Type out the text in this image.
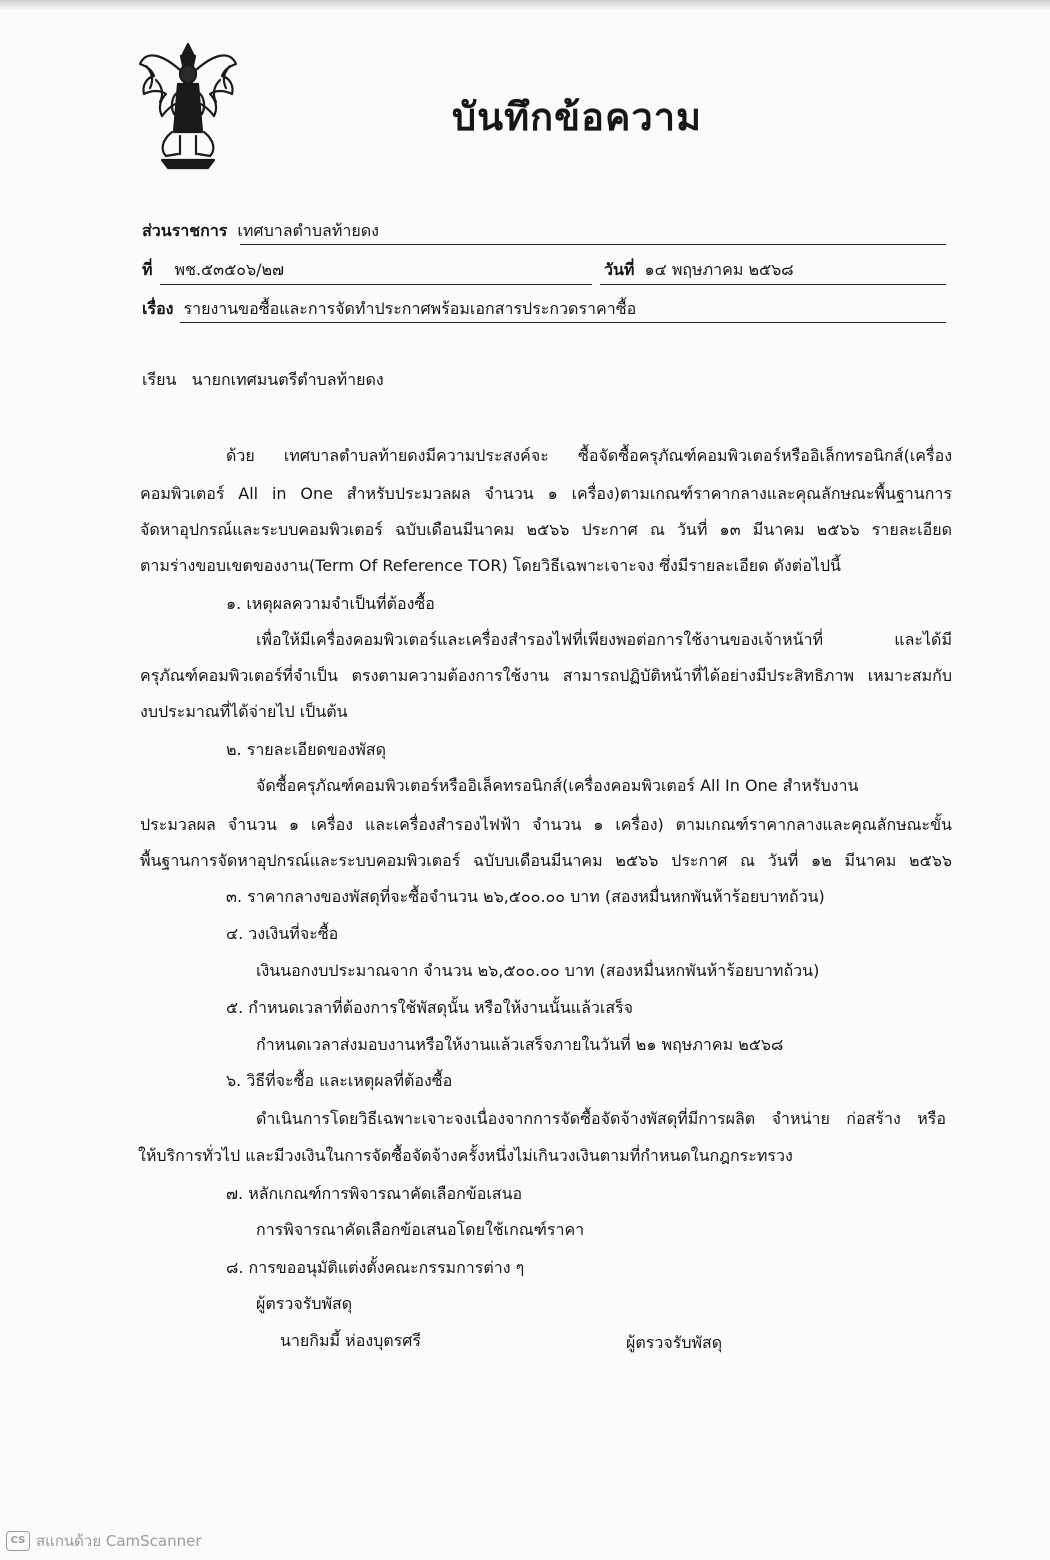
บันทึกข้อความ
ส่วนราชการ เทศบาลตำบลท้ายดง
ที่ พช.๕๓๕๐๖/๒๗	วันที่ ๑๔ พฤษภาคม ๒๕๖๘
เรื่อง รายงานขอซื้อและการจัดทำประกาศพร้อมเอกสารประกวดราคาซื้อ
เรียน นายกเทศมนตรีตำบลท้ายดง
ด้วย เทศบาลตำบลท้ายดงมีความประสงค์จะ ซื้อจัดซื้อครุภัณฑ์คอมพิวเตอร์หรืออิเล็กทรอนิกส์(เครื่อง
คอมพิวเตอร์ All in One สำหรับประมวลผล จำนวน ๑ เครื่อง)ตามเกณฑ์ราคากลางและคุณลักษณะพื้นฐานการ
จัดหาอุปกรณ์และระบบคอมพิวเตอร์ ฉบับเดือนมีนาคม ๒๕๖๖ ประกาศ ณ วันที่ ๑๓ มีนาคม ๒๕๖๖ รายละเอียด
ตามร่างขอบเขตของงาน(Term Of Reference TOR) โดยวิธีเฉพาะเจาะจง ซึ่งมีรายละเอียด ดังต่อไปนี้
๑. เหตุผลความจำเป็นที่ต้องซื้อ
เพื่อให้มีเครื่องคอมพิวเตอร์และเครื่องสำรองไฟที่เพียงพอต่อการใช้งานของเจ้าหน้าที่ และได้มี
ครุภัณฑ์คอมพิวเตอร์ที่จำเป็น ตรงตามความต้องการใช้งาน สามารถปฏิบัติหน้าที่ได้อย่างมีประสิทธิภาพ เหมาะสมกับ
งบประมาณที่ได้จ่ายไป เป็นต้น
๒. รายละเอียดของพัสดุ
จัดซื้อครุภัณฑ์คอมพิวเตอร์หรืออิเล็คทรอนิกส์(เครื่องคอมพิวเตอร์ All In One สำหรับงาน
ประมวลผล จำนวน ๑ เครื่อง และเครื่องสำรองไฟฟ้า จำนวน ๑ เครื่อง) ตามเกณฑ์ราคากลางและคุณลักษณะขั้น
พื้นฐานการจัดหาอุปกรณ์และระบบคอมพิวเตอร์ ฉบับบเดือนมีนาคม ๒๕๖๖ ประกาศ ณ วันที่ ๑๒ มีนาคม ๒๕๖๖
๓. ราคากลางของพัสดุที่จะซื้อจำนวน ๒๖,๕๐๐.๐๐ บาท (สองหมื่นหกพันห้าร้อยบาทถ้วน)
๔. วงเงินที่จะซื้อ
เงินนอกงบประมาณจาก จำนวน ๒๖,๕๐๐.๐๐ บาท (สองหมื่นหกพันห้าร้อยบาทถ้วน)
๕. กำหนดเวลาที่ต้องการใช้พัสดุนั้น หรือให้งานนั้นแล้วเสร็จ
กำหนดเวลาส่งมอบงานหรือให้งานแล้วเสร็จภายในวันที่ ๒๑ พฤษภาคม ๒๕๖๘
๖. วิธีที่จะซื้อ และเหตุผลที่ต้องซื้อ
ดำเนินการโดยวิธีเฉพาะเจาะจงเนื่องจากการจัดซื้อจัดจ้างพัสดุที่มีการผลิต จำหน่าย ก่อสร้าง หรือ
ให้บริการทั่วไป และมีวงเงินในการจัดซื้อจัดจ้างครั้งหนึ่งไม่เกินวงเงินตามที่กำหนดในกฎกระทรวง
๗. หลักเกณฑ์การพิจารณาคัดเลือกข้อเสนอ
การพิจารณาคัดเลือกข้อเสนอโดยใช้เกณฑ์ราคา
๘. การขออนุมัติแต่งตั้งคณะกรรมการต่าง ๆ
ผู้ตรวจรับพัสดุ
นายกิมมี้ ห่องบุตรศรี	ผู้ตรวจรับพัสดุ
CS สแกนด้วย CamScanner
